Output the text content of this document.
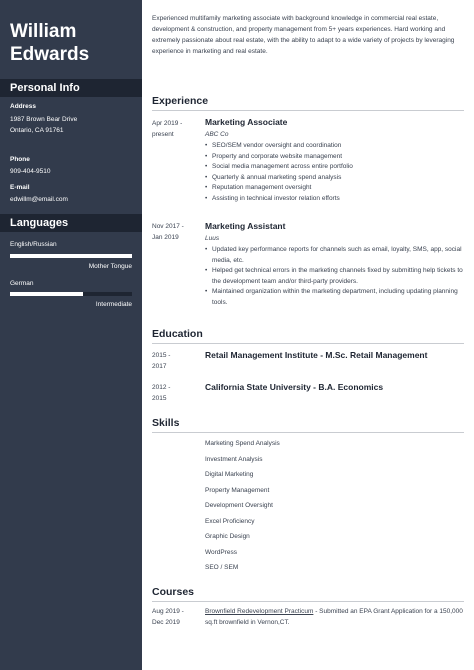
William
Edwards
Personal Info
Address
1987 Brown Bear Drive
Ontario, CA 91761
Phone
909-404-9510
E-mail
edwillm@email.com
Languages
English/Russian
Mother Tongue
German
Intermediate
Experienced multifamily marketing associate with background knowledge in commercial real estate, development & construction, and property management from 5+ years experiences. Hard working and extremely passionate about real estate, with the ability to adapt to a wide variety of projects by leveraging experience in marketing and real estate.
Experience
Apr 2019 -
present
Marketing Associate
ABC Co
• SEO/SEM vendor oversight and coordination
• Property and corporate website management
• Social media management across entire portfolio
• Quarterly & annual marketing spend analysis
• Reputation management oversight
• Assisting in technical investor relation efforts
Nov 2017 -
Jan 2019
Marketing Assistant
Luus
• Updated key performance reports for channels such as email, loyalty, SMS, app, social media, etc.
• Helped get technical errors in the marketing channels fixed by submitting help tickets to the development team and/or third-party providers.
• Maintained organization within the marketing department, including updating planning tools.
Education
2015 -
2017
Retail Management Institute - M.Sc. Retail Management
2012 -
2015
California State University - B.A. Economics
Skills
Marketing Spend Analysis
Investment Analysis
Digital Marketing
Property Management
Development Oversight
Excel Proficiency
Graphic Design
WordPress
SEO / SEM
Courses
Aug 2019 -
Dec 2019
Brownfield Redevelopment Practicum - Submitted an EPA Grant Application for a 150,000 sq.ft brownfield in Vernon,CT.
